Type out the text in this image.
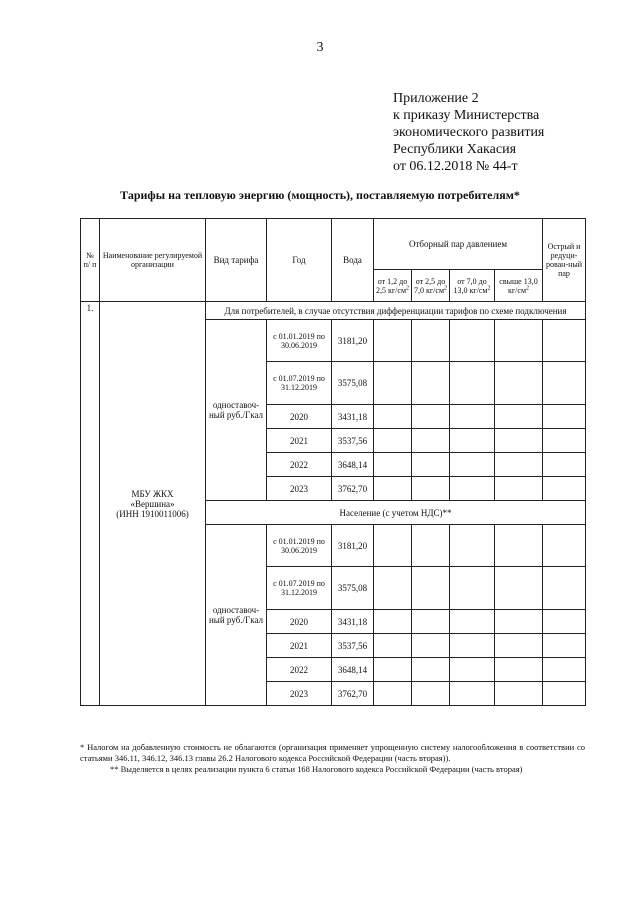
3
Приложение 2
к приказу Министерства
экономического развития
Республики Хакасия
от 06.12.2018 № 44-т
Тарифы на тепловую энергию (мощность), поставляемую потребителям*
№ п/ п	Наименование регулируемой организации	Вид тарифа	Год	Вода	Отборный пар давлением				Острый и редуци-рован-ный пар
					от 1,2 до 2,5 $кг/см^2$	от 2,5 до 7,0 $кг/см^2$	от 7,0 до 13,0 $кг/см^2$	свыше 13,0 $кг/см^2$
1.	МБУ ЖКХ
«Вершина»
(ИНН 1910011006)	Для потребителей, в случае отсутствия дифференциации тарифов по схеме подключения							
		одноставоч-ный руб./Гкал	с 01.01.2019 по 30.06.2019	3181,20					
			с 01.07.2019 по 31.12.2019	3575,08					
			2020	3431,18					
			2021	3537,56					
			2022	3648,14					
			2023	3762,70					
		Население (с учетом НДС)**							
		одноставоч-ный руб./Гкал	с 01.01.2019 по 30.06.2019	3181,20					
			с 01.07.2019 по 31.12.2019	3575,08					
			2020	3431,18					
			2021	3537,56					
			2022	3648,14					
			2023	3762,70					

* Налогом на добавленную стоимость не облагаются (организация применяет упрощенную систему налогообложения в соответствии со статьями 346.11, 346.12, 346.13 главы 26.2 Налогового кодекса Российской Федерации (часть вторая)).

** Выделяется в целях реализации пункта 6 статьи 168 Налогового кодекса Российской Федерации (часть вторая)
